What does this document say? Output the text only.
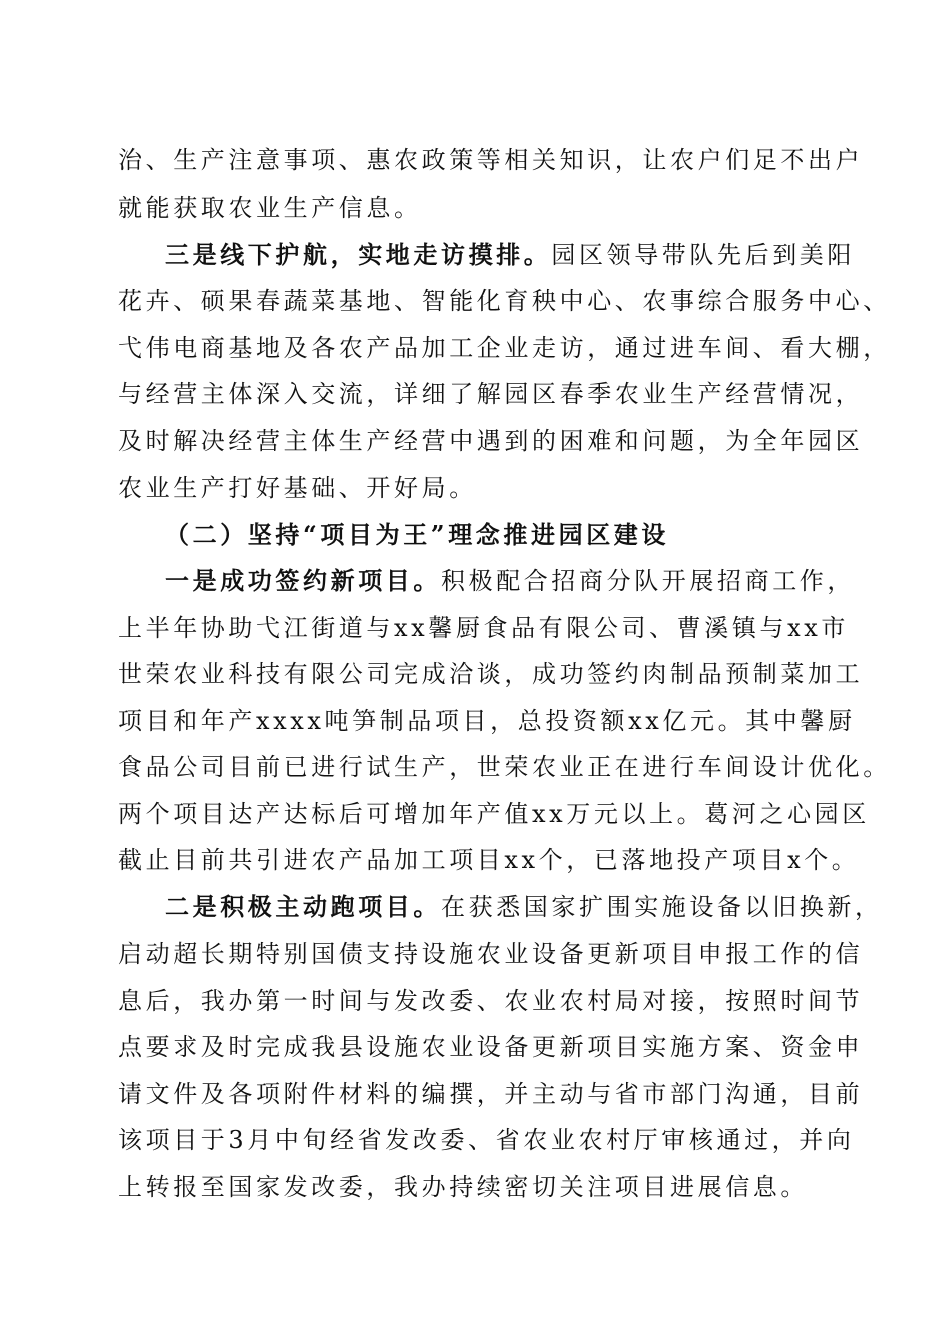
治、生产注意事项、惠农政策等相关知识，让农户们足不出户
就能获取农业生产信息。
三是线下护航，实地走访摸排。园区领导带队先后到美阳
花卉、硕果春蔬菜基地、智能化育秧中心、农事综合服务中心、
弋伟电商基地及各农产品加工企业走访，通过进车间、看大棚，
与经营主体深入交流，详细了解园区春季农业生产经营情况，
及时解决经营主体生产经营中遇到的困难和问题，为全年园区
农业生产打好基础、开好局。
（二）坚持“项目为王”理念推进园区建设
一是成功签约新项目。积极配合招商分队开展招商工作，
上半年协助弋江街道与xx馨厨食品有限公司、曹溪镇与xx市
世荣农业科技有限公司完成洽谈，成功签约肉制品预制菜加工
项目和年产xxxx吨笋制品项目，总投资额xx亿元。其中馨厨
食品公司目前已进行试生产，世荣农业正在进行车间设计优化。
两个项目达产达标后可增加年产值xx万元以上。葛河之心园区
截止目前共引进农产品加工项目xx个，已落地投产项目x个。
二是积极主动跑项目。在获悉国家扩围实施设备以旧换新，
启动超长期特别国债支持设施农业设备更新项目申报工作的信
息后，我办第一时间与发改委、农业农村局对接，按照时间节
点要求及时完成我县设施农业设备更新项目实施方案、资金申
请文件及各项附件材料的编撰，并主动与省市部门沟通，目前
该项目于3月中旬经省发改委、省农业农村厅审核通过，并向
上转报至国家发改委，我办持续密切关注项目进展信息。
